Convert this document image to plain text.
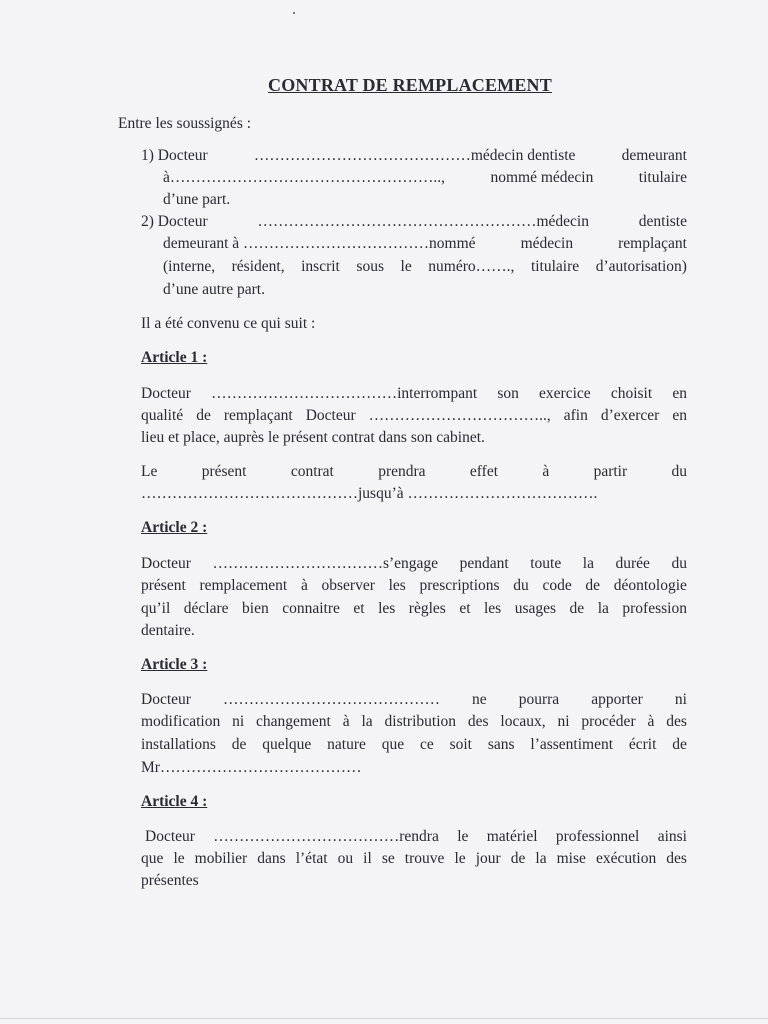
CONTRAT DE REMPLACEMENT
Entre les soussignés :
1) Docteur	……………………………………médecin dentiste	demeurant
à……………………………………………..,	nommé médecin	titulaire
d’une part.
2) Docteur	………………………………………………médecin	dentiste
demeurant à ………………………………nommé	médecin	remplaçant
(interne, résident, inscrit sous le numéro……., titulaire d’autorisation)
d’une autre part.
Il a été convenu ce qui suit :
Article 1 :
Docteur ………………………………interrompant son exercice choisit en
qualité de remplaçant Docteur …………………………….., afin d’exercer en
lieu et place, auprès le présent contrat dans son cabinet.
Le	présent	contrat	prendra	effet	à	partir	du
……………………………………jusqu’à ……………………………….
Article 2 :
Docteur ……………………………s’engage pendant toute la durée du
présent remplacement à observer les prescriptions du code de déontologie
qu’il déclare bien connaitre et les règles et les usages de la profession
dentaire.
Article 3 :
Docteur …………………………………… ne pourra apporter ni
modification ni changement à la distribution des locaux, ni procéder à des
installations de quelque nature que ce soit sans l’assentiment écrit de
Mr…………………………………
Article 4 :
Docteur ………………………………rendra le matériel professionnel ainsi
que le mobilier dans l’état ou il se trouve le jour de la mise exécution des
présentes
